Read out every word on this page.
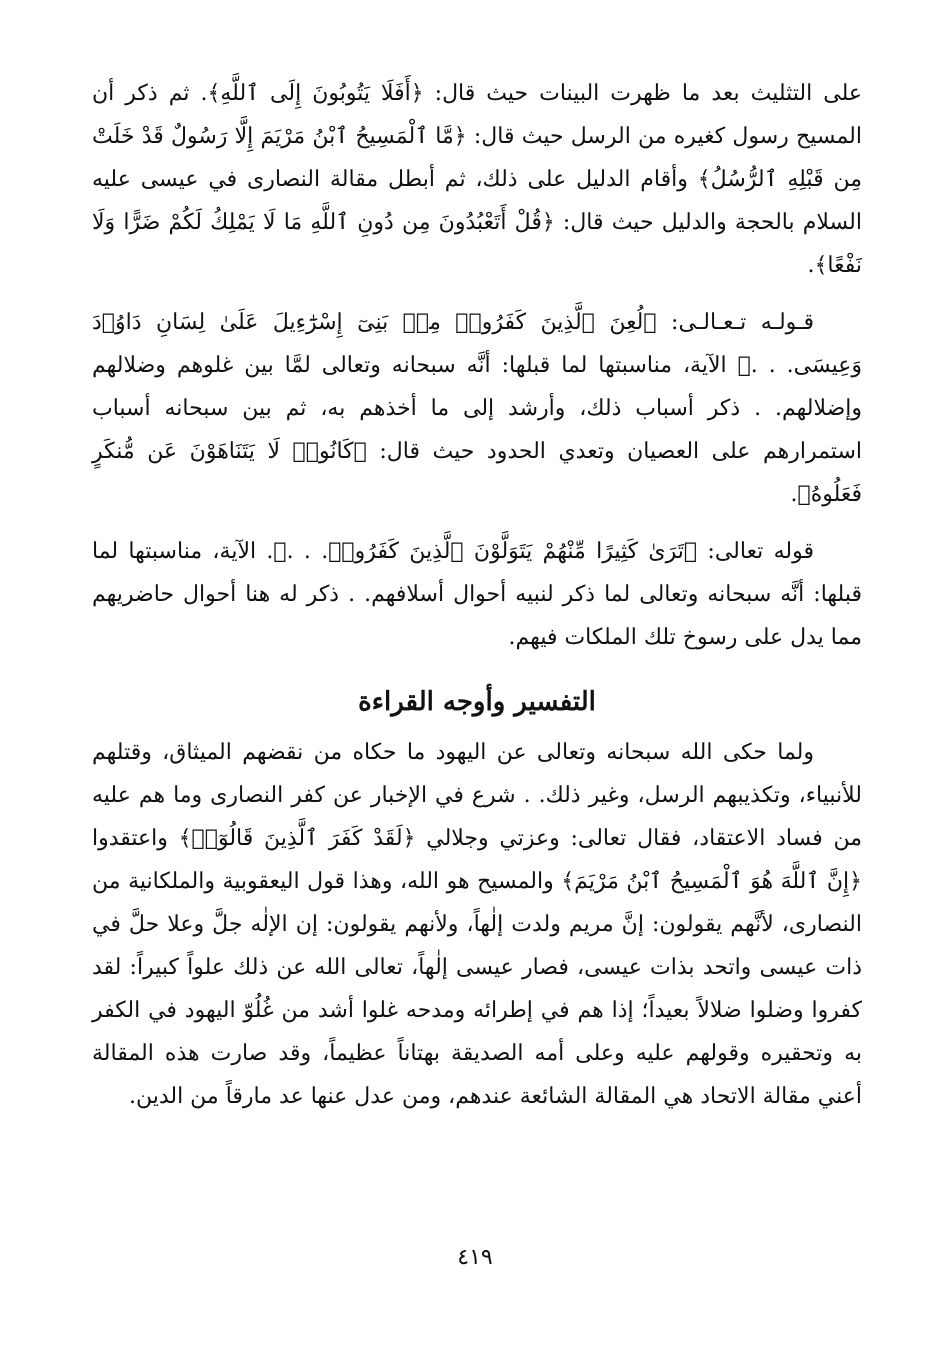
على التثليث بعد ما ظهرت البينات حيث قال: ﴿أَفَلَا يَتُوبُونَ إِلَى ٱللَّهِ﴾. ثم ذكر أن المسيح رسول كغيره من الرسل حيث قال: ﴿مَّا ٱلْمَسِيحُ ٱبْنُ مَرْيَمَ إِلَّا رَسُولٌ قَدْ خَلَتْ مِن قَبْلِهِ ٱلرُّسُلُ﴾ وأقام الدليل على ذلك، ثم أبطل مقالة النصارى في عيسى عليه السلام بالحجة والدليل حيث قال: ﴿قُلْ أَتَعْبُدُونَ مِن دُونِ ٱللَّهِ مَا لَا يَمْلِكُ لَكُمْ ضَرًّا وَلَا نَفْعًا﴾.

قـولـه تـعـالـى: ﴿لُعِنَ ٱلَّذِينَ كَفَرُوا۟ مِنۢ بَنِىٓ إِسْرَٰٓءِيلَ عَلَىٰ لِسَانِ دَاوُۥدَ وَعِيسَى. . .﴾ الآية، مناسبتها لما قبلها: أنَّه سبحانه وتعالى لمَّا بين غلوهم وضلالهم وإضلالهم. . ذكر أسباب ذلك، وأرشد إلى ما أخذهم به، ثم بين سبحانه أسباب استمرارهم على العصيان وتعدي الحدود حيث قال: ﴿كَانُوا۟ لَا يَتَنَاهَوْنَ عَن مُّنكَرٍ فَعَلُوهُ﴾.

قوله تعالى: ﴿تَرَىٰ كَثِيرًا مِّنْهُمْ يَتَوَلَّوْنَ ٱلَّذِينَ كَفَرُوا۟. . .﴾. الآية، مناسبتها لما قبلها: أنَّه سبحانه وتعالى لما ذكر لنبيه أحوال أسلافهم. . ذكر له هنا أحوال حاضريهم مما يدل على رسوخ تلك الملكات فيهم.

التفسير وأوجه القراءة

ولما حكى الله سبحانه وتعالى عن اليهود ما حكاه من نقضهم الميثاق، وقتلهم للأنبياء، وتكذيبهم الرسل، وغير ذلك. . شرع في الإخبار عن كفر النصارى وما هم عليه من فساد الاعتقاد، فقال تعالى: وعزتي وجلالي ﴿لَقَدْ كَفَرَ ٱلَّذِينَ قَالُوٓا۟﴾ واعتقدوا ﴿إِنَّ ٱللَّهَ هُوَ ٱلْمَسِيحُ ٱبْنُ مَرْيَمَ﴾ والمسيح هو الله، وهذا قول اليعقوبية والملكانية من النصارى، لأنَّهم يقولون: إنَّ مريم ولدت إلٰهاً، ولأنهم يقولون: إن الإلٰه جلَّ وعلا حلَّ في ذات عيسى واتحد بذات عيسى، فصار عيسى إلٰهاً، تعالى الله عن ذلك علواً كبيراً: لقد كفروا وضلوا ضلالاً بعيداً؛ إذا هم في إطرائه ومدحه غلوا أشد من غُلُوّ اليهود في الكفر به وتحقيره وقولهم عليه وعلى أمه الصديقة بهتاناً عظيماً، وقد صارت هذه المقالة أعني مقالة الاتحاد هي المقالة الشائعة عندهم، ومن عدل عنها عد مارقاً من الدين.

٤١٩
